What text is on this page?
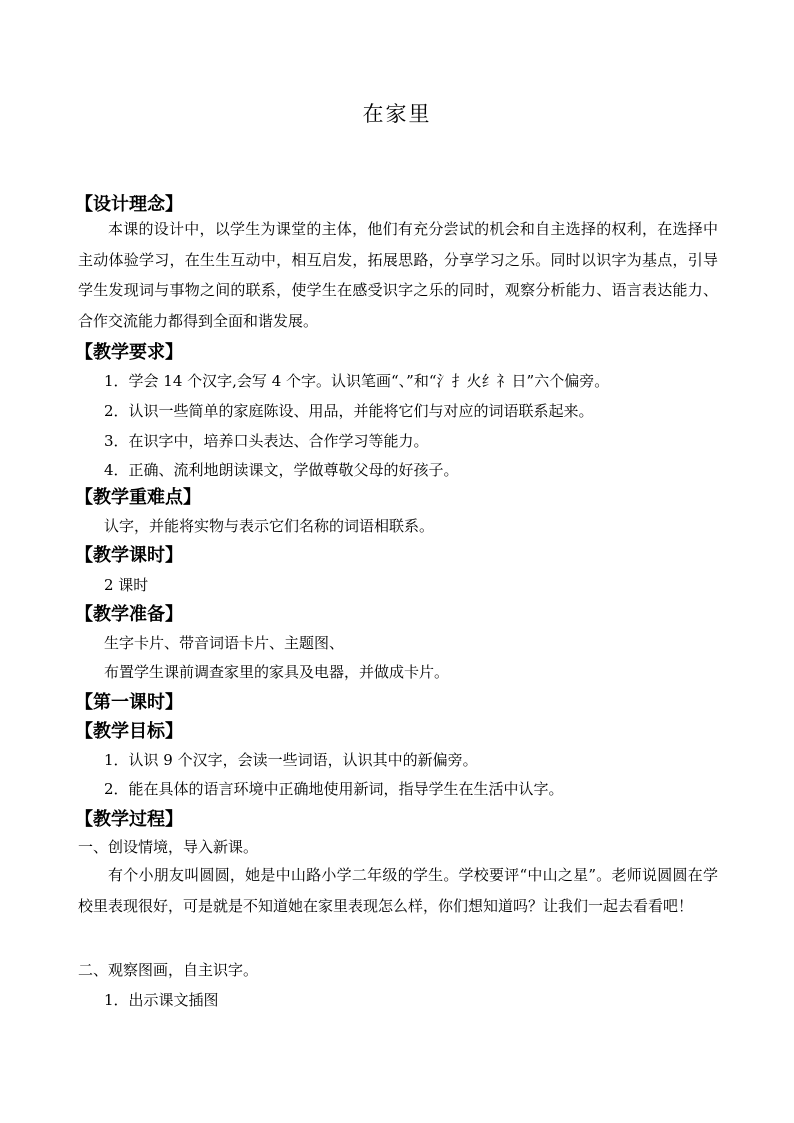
在家里
【设计理念】
本课的设计中，以学生为课堂的主体，他们有充分尝试的机会和自主选择的权利，在选择中主动体验学习，在生生互动中，相互启发，拓展思路，分享学习之乐。同时以识字为基点，引导学生发现词与事物之间的联系，使学生在感受识字之乐的同时，观察分析能力、语言表达能力、合作交流能力都得到全面和谐发展。
【教学要求】
1．学会 14 个汉字,会写 4 个字。认识笔画“、”和“氵扌火纟礻日”六个偏旁。
2．认识一些简单的家庭陈设、用品，并能将它们与对应的词语联系起来。
3．在识字中，培养口头表达、合作学习等能力。
4．正确、流利地朗读课文，学做尊敬父母的好孩子。
【教学重难点】
认字，并能将实物与表示它们名称的词语相联系。
【教学课时】
2 课时
【教学准备】
生字卡片、带音词语卡片、主题图、
布置学生课前调查家里的家具及电器，并做成卡片。
【第一课时】
【教学目标】
1．认识 9 个汉字，会读一些词语，认识其中的新偏旁。
2．能在具体的语言环境中正确地使用新词，指导学生在生活中认字。
【教学过程】
一、创设情境，导入新课。
有个小朋友叫圆圆，她是中山路小学二年级的学生。学校要评“中山之星”。老师说圆圆在学校里表现很好，可是就是不知道她在家里表现怎么样，你们想知道吗？让我们一起去看看吧！
二、观察图画，自主识字。
1．出示课文插图
